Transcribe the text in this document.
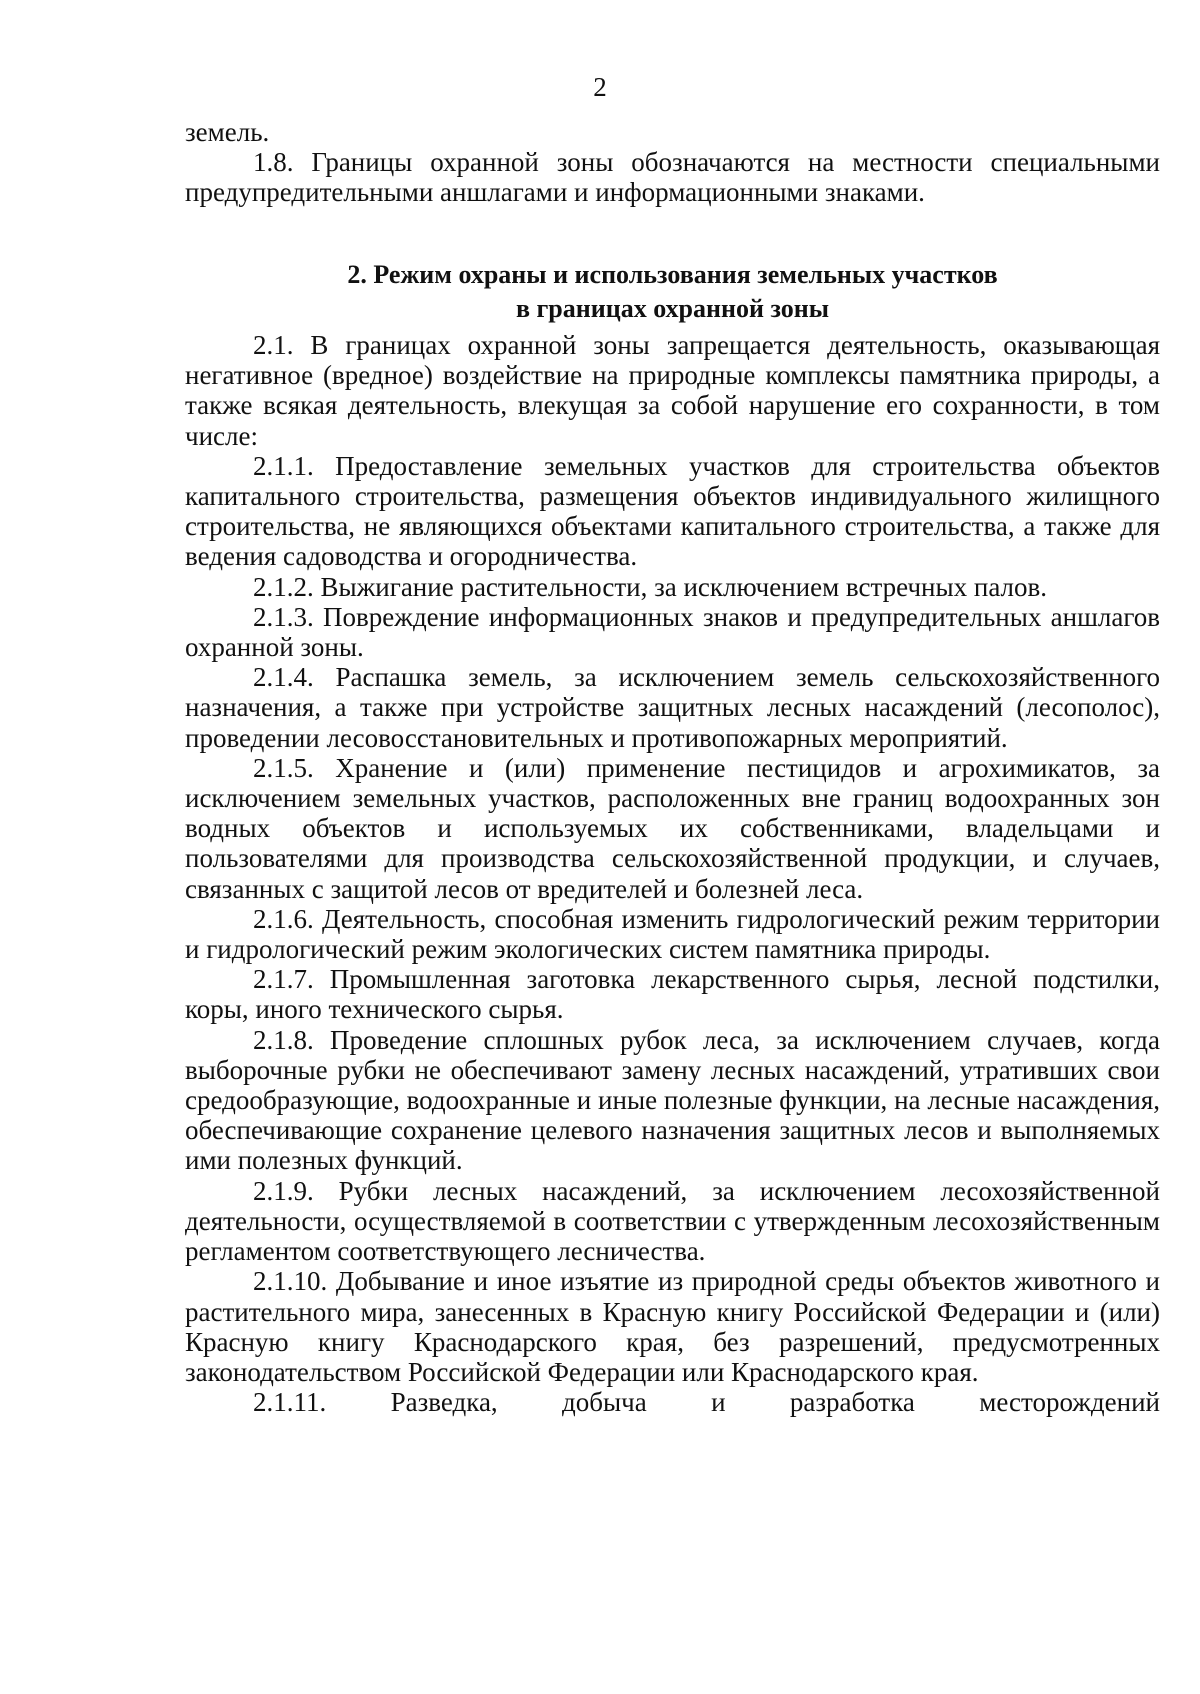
2

земель.

1.8. Границы охранной зоны обозначаются на местности специальными предупредительными аншлагами и информационными знаками.

2. Режим охраны и использования земельных участков
в границах охранной зоны

2.1. В границах охранной зоны запрещается деятельность, оказывающая негативное (вредное) воздействие на природные комплексы памятника природы, а также всякая деятельность, влекущая за собой нарушение его сохранности, в том числе:

2.1.1. Предоставление земельных участков для строительства объектов капитального строительства, размещения объектов индивидуального жилищного строительства, не являющихся объектами капитального строительства, а также для ведения садоводства и огородничества.

2.1.2. Выжигание растительности, за исключением встречных палов.

2.1.3. Повреждение информационных знаков и предупредительных аншлагов охранной зоны.

2.1.4. Распашка земель, за исключением земель сельскохозяйственного назначения, а также при устройстве защитных лесных насаждений (лесополос), проведении лесовосстановительных и противопожарных мероприятий.

2.1.5. Хранение и (или) применение пестицидов и агрохимикатов, за исключением земельных участков, расположенных вне границ водоохранных зон водных объектов и используемых их собственниками, владельцами и пользователями для производства сельскохозяйственной продукции, и случаев, связанных с защитой лесов от вредителей и болезней леса.

2.1.6. Деятельность, способная изменить гидрологический режим территории и гидрологический режим экологических систем памятника природы.

2.1.7. Промышленная заготовка лекарственного сырья, лесной подстилки, коры, иного технического сырья.

2.1.8. Проведение сплошных рубок леса, за исключением случаев, когда выборочные рубки не обеспечивают замену лесных насаждений, утративших свои средообразующие, водоохранные и иные полезные функции, на лесные насаждения, обеспечивающие сохранение целевого назначения защитных лесов и выполняемых ими полезных функций.

2.1.9. Рубки лесных насаждений, за исключением лесохозяйственной деятельности, осуществляемой в соответствии с утвержденным лесохозяйственным регламентом соответствующего лесничества.

2.1.10. Добывание и иное изъятие из природной среды объектов животного и растительного мира, занесенных в Красную книгу Российской Федерации и (или) Красную книгу Краснодарского края, без разрешений, предусмотренных законодательством Российской Федерации или Краснодарского края.

2.1.11. Разведка, добыча и разработка месторождений
